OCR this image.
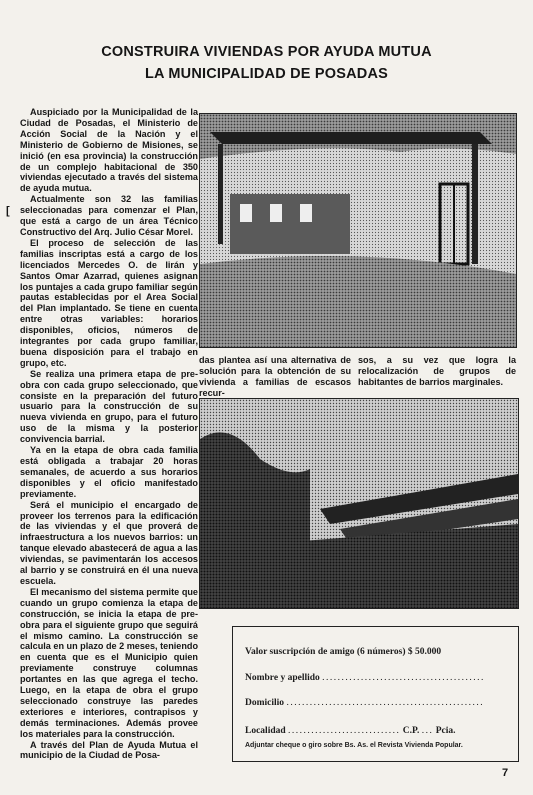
CONSTRUIRA VIVIENDAS POR AYUDA MUTUA
LA MUNICIPALIDAD DE POSADAS

Auspiciado por la Municipalidad de la Ciudad de Posadas, el Ministerio de Acción Social de la Nación y el Ministerio de Gobierno de Misiones, se inició (en esa provincia) la construcción de un complejo habitacional de 350 viviendas ejecutado a través del sistema de ayuda mutua.

Actualmente son 32 las familias seleccionadas para comenzar el Plan, que está a cargo de un área Técnico Constructivo del Arq. Julio César Morel.

El proceso de selección de las familias inscriptas está a cargo de los licenciados Mercedes O. de Iirán y Santos Omar Azarrad, quienes asignan los puntajes a cada grupo familiar según pautas establecidas por el Area Social del Plan implantado. Se tiene en cuenta entre otras variables: horarios disponibles, oficios, números de integrantes por cada grupo familiar, buena disposición para el trabajo en grupo, etc.

Se realiza una primera etapa de pre-obra con cada grupo seleccionado, que consiste en la preparación del futuro usuario para la construcción de su nueva vivienda en grupo, para el futuro uso de la misma y la posterior convivencia barrial.

Ya en la etapa de obra cada familia está obligada a trabajar 20 horas semanales, de acuerdo a sus horarios disponibles y el oficio manifestado previamente.

Será el municipio el encargado de proveer los terrenos para la edificación de las viviendas y el que proverá de infraestructura a los nuevos barrios: un tanque elevado abastecerá de agua a las viviendas, se pavimentarán los accesos al barrio y se construirá en él una nueva escuela.

El mecanismo del sistema permite que cuando un grupo comienza la etapa de construcción, se inicia la etapa de pre-obra para el siguiente grupo que seguirá el mismo camino. La construcción se calcula en un plazo de 2 meses, teniendo en cuenta que es el Municipio quien previamente construye columnas portantes en las que agrega el techo. Luego, en la etapa de obra el grupo seleccionado construye las paredes exteriores e interiores, contrapisos y demás terminaciones. Además provee los materiales para la construcción.

A través del Plan de Ayuda Mutua el municipio de la Ciudad de Posa-

[
das plantea así una alternativa de solución para la obtención de su vivienda a familias de escasos recur-
sos, a su vez que logra la relocalización de grupos de habitantes de barrios marginales.
Valor suscripción de amigo (6 números) $ 50.000
Nombre y apellido ..........................................
Domicilio ...................................................
Localidad ............................. C.P. ... Pcia.
Adjuntar cheque o giro sobre Bs. As. el Revista Vivienda Popular.
7
